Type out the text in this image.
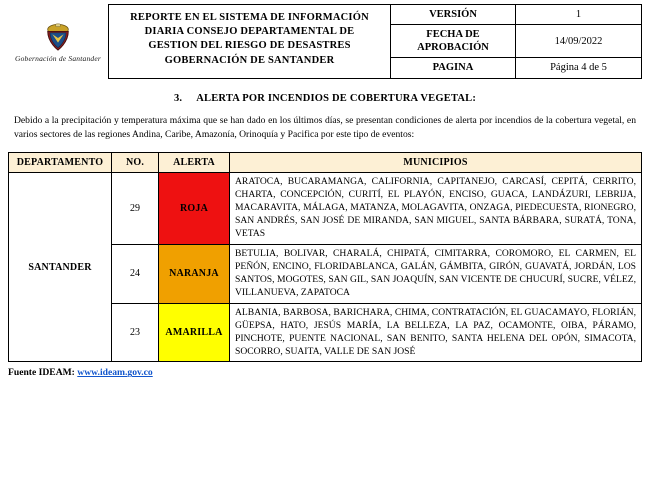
Gobernación de Santander
REPORTE EN EL SISTEMA DE INFORMACIÓN
DIARIA CONSEJO DEPARTAMENTAL DE
GESTION DEL RIESGO DE DESASTRES
GOBERNACIÓN DE SANTANDER
VERSIÓN	1
FECHA DE APROBACIÓN
14/09/2022
PAGINA	Página 4 de 5
3. ALERTA POR INCENDIOS DE COBERTURA VEGETAL:

Debido a la precipitación y temperatura máxima que se han dado en los últimos días, se presentan condiciones de alerta por incendios de la cobertura vegetal, en varios sectores de las regiones Andina, Caribe, Amazonía, Orinoquía y Pacifica por este tipo de eventos:

DEPARTAMENTO	NO.	ALERTA	MUNICIPIOS
SANTANDER	29	ROJA	ARATOCA, BUCARAMANGA, CALIFORNIA, CAPITANEJO, CARCASÍ, CEPITÁ, CERRITO, CHARTA, CONCEPCIÓN, CURITÍ, EL PLAYÓN, ENCISO, GUACA, LANDÁZURI, LEBRIJA, MACARAVITA, MÁLAGA, MATANZA, MOLAGAVITA, ONZAGA, PIEDECUESTA, RIONEGRO, SAN ANDRÉS, SAN JOSÉ DE MIRANDA, SAN MIGUEL, SANTA BÁRBARA, SURATÁ, TONA, VETAS
	24	NARANJA	BETULIA, BOLIVAR, CHARALÁ, CHIPATÁ, CIMITARRA, COROMORO, EL CARMEN, EL PEÑÓN, ENCINO, FLORIDABLANCA, GALÁN, GÁMBITA, GIRÓN, GUAVATÁ, JORDÁN, LOS SANTOS, MOGOTES, SAN GIL, SAN JOAQUÍN, SAN VICENTE DE CHUCURÍ, SUCRE, VÉLEZ, VILLANUEVA, ZAPATOCA
	23	AMARILLA	ALBANIA, BARBOSA, BARICHARA, CHIMA, CONTRATACIÓN, EL GUACAMAYO, FLORIÁN, GÜEPSA, HATO, JESÚS MARÍA, LA BELLEZA, LA PAZ, OCAMONTE, OIBA, PÁRAMO, PINCHOTE, PUENTE NACIONAL, SAN BENITO, SANTA HELENA DEL OPÓN, SIMACOTA, SOCORRO, SUAITA, VALLE DE SAN JOSÉ
Fuente IDEAM: www.ideam.gov.co
